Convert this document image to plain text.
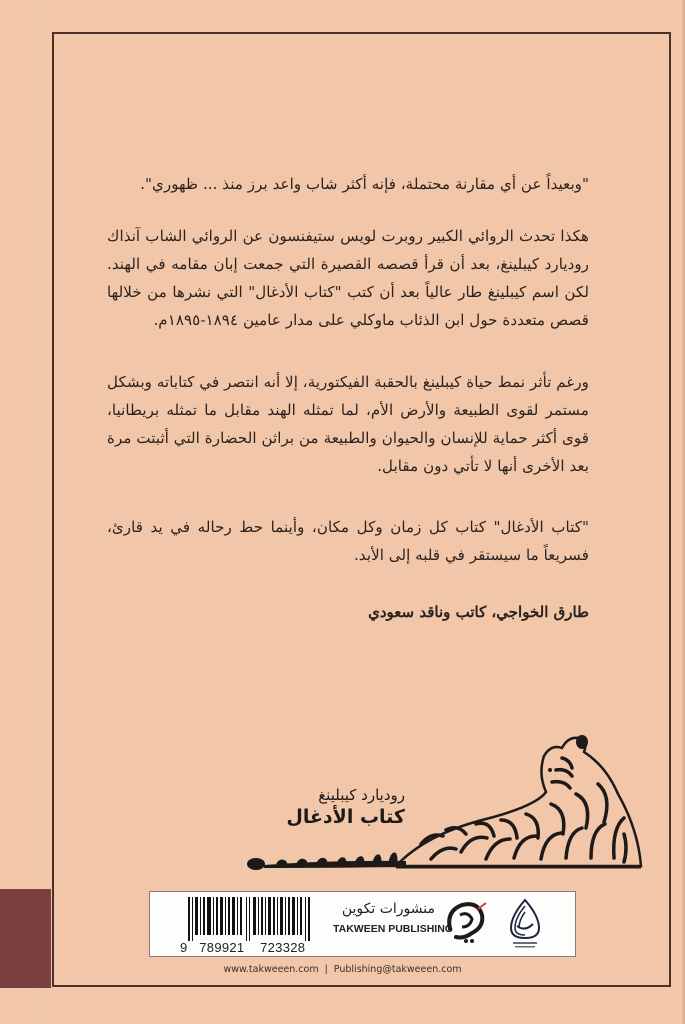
"وبعيداً عن أي مقارنة محتملة، فإنه أكثر شاب واعد برز منذ ... ظهوري".
هكذا تحدث الروائي الكبير روبرت لويس ستيفنسون عن الروائي الشاب آنذاك روديارد كيبلينغ، بعد أن قرأ قصصه القصيرة التي جمعت إبان مقامه في الهند. لكن اسم كيبلينغ طار عالياً بعد أن كتب "كتاب الأدغال" التي نشرها من خلالها قصص متعددة حول ابن الذئاب ماوكلي على مدار عامين ١٨٩٤-١٨٩٥م.
ورغم تأثر نمط حياة كيبلينغ بالحقبة الفيكتورية، إلا أنه انتصر في كتاباته وبشكل مستمر لقوى الطبيعة والأرض الأم، لما تمثله الهند مقابل ما تمثله بريطانيا، قوى أكثر حماية للإنسان والحيوان والطبيعة من براثن الحضارة التي أثبتت مرة بعد الأخرى أنها لا تأتي دون مقابل.
"كتاب الأدغال" كتاب كل زمان وكل مكان، وأينما حط رحاله في يد قارئ، فسريعاً ما سيستقر في قلبه إلى الأبد.
طارق الخواجي، كاتب وناقد سعودي
روديارد كيبلينغ
كتاب الأدغال
9 789921 723328
منشورات تكوين
TAKWEEN PUBLISHING
www.takweeen.com | Publishing@takweeen.com
